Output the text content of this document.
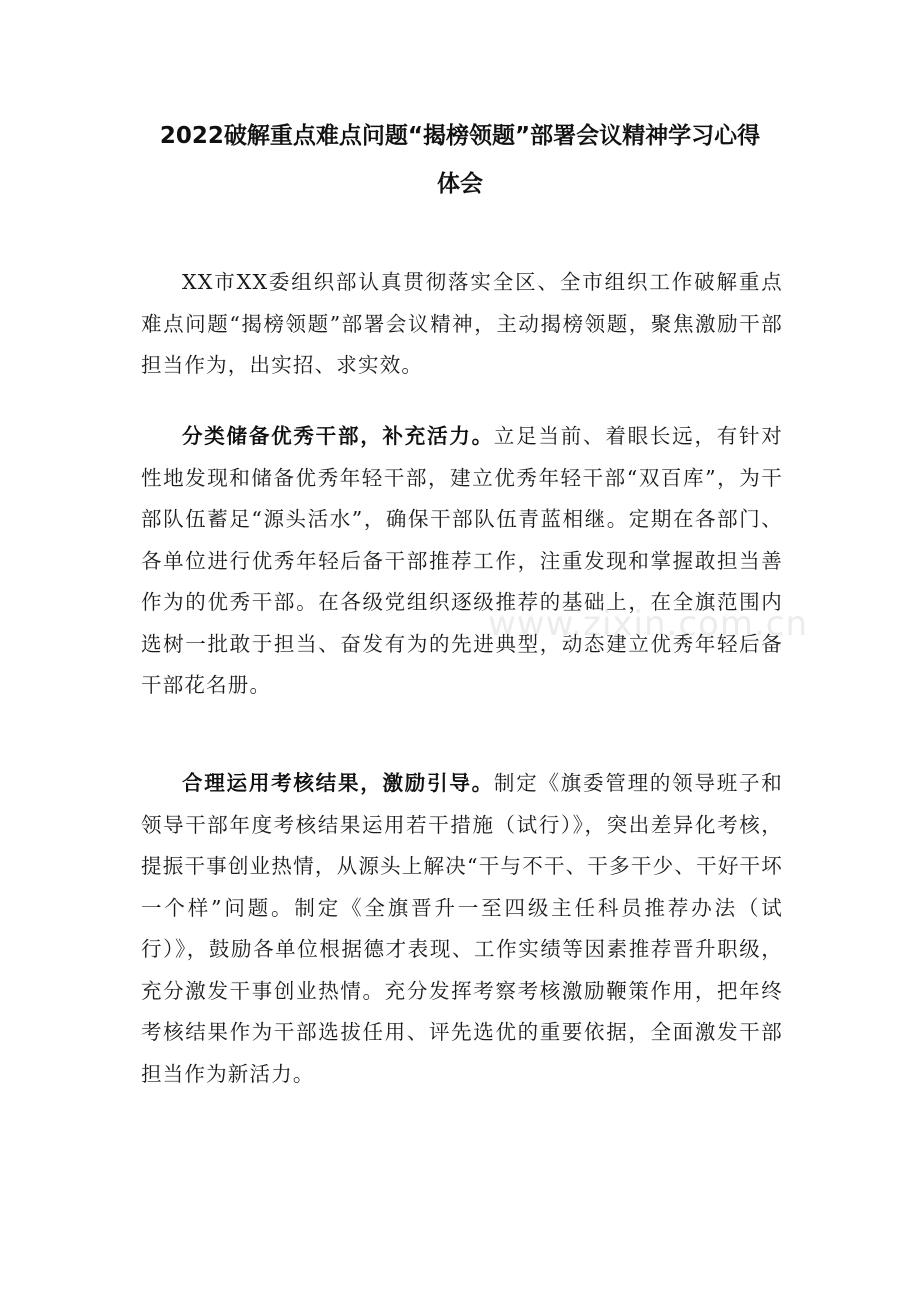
2022破解重点难点问题“揭榜领题”部署会议精神学习心得
体会

XX市XX委组织部认真贯彻落实全区、全市组织工作破解重点难点问题“揭榜领题”部署会议精神，主动揭榜领题，聚焦激励干部担当作为，出实招、求实效。

分类储备优秀干部，补充活力。立足当前、着眼长远，有针对性地发现和储备优秀年轻干部，建立优秀年轻干部“双百库”，为干部队伍蓄足“源头活水”，确保干部队伍青蓝相继。定期在各部门、各单位进行优秀年轻后备干部推荐工作，注重发现和掌握敢担当善作为的优秀干部。在各级党组织逐级推荐的基础上，在全旗范围内选树一批敢于担当、奋发有为的先进典型，动态建立优秀年轻后备干部花名册。

合理运用考核结果，激励引导。制定《旗委管理的领导班子和领导干部年度考核结果运用若干措施（试行）》，突出差异化考核，提振干事创业热情，从源头上解决“干与不干、干多干少、干好干坏一个样”问题。制定《全旗晋升一至四级主任科员推荐办法（试行）》，鼓励各单位根据德才表现、工作实绩等因素推荐晋升职级，充分激发干事创业热情。充分发挥考察考核激励鞭策作用，把年终考核结果作为干部选拔任用、评先选优的重要依据，全面激发干部担当作为新活力。

www.zixin.com.cn
